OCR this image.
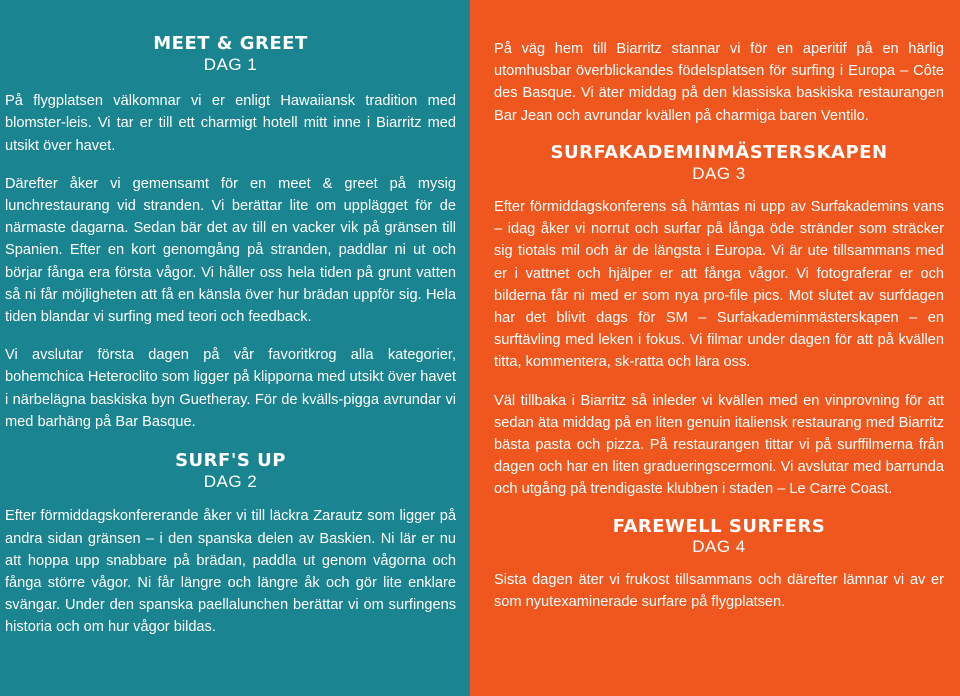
MEET & GREET
DAG 1

På flygplatsen välkomnar vi er enligt Hawaiiansk tradition med blomster-leis. Vi tar er till ett charmigt hotell mitt inne i Biarritz med utsikt över havet.

Därefter åker vi gemensamt för en meet & greet på mysig lunchrestaurang vid stranden. Vi berättar lite om upplägget för de närmaste dagarna. Sedan bär det av till en vacker vik på gränsen till Spanien. Efter en kort genomgång på stranden, paddlar ni ut och börjar fånga era första vågor. Vi håller oss hela tiden på grunt vatten så ni får möjligheten att få en känsla över hur brädan uppför sig. Hela tiden blandar vi surfing med teori och feedback.

Vi avslutar första dagen på vår favoritkrog alla kategorier, bohemchica Heteroclito som ligger på klipporna med utsikt över havet i närbelägna baskiska byn Guetheray. För de kvälls-pigga avrundar vi med barhäng på Bar Basque.

SURF'S UP
DAG 2

Efter förmiddagskonfererande åker vi till läckra Zarautz som ligger på andra sidan gränsen – i den spanska delen av Baskien. Ni lär er nu att hoppa upp snabbare på brädan, paddla ut genom vågorna och fånga större vågor. Ni får längre och längre åk och gör lite enklare svängar. Under den spanska paellalunchen berättar vi om surfingens historia och om hur vågor bildas.

På väg hem till Biarritz stannar vi för en aperitif på en härlig utomhusbar överblickandes födelsplatsen för surfing i Europa – Côte des Basque. Vi äter middag på den klassiska baskiska restaurangen Bar Jean och avrundar kvällen på charmiga baren Ventilo.

SURFAKADEMINMÄSTERSKAPEN
DAG 3

Efter förmiddagskonferens så hämtas ni upp av Surfakademins vans – idag åker vi norrut och surfar på långa öde stränder som sträcker sig tiotals mil och är de längsta i Europa. Vi är ute tillsammans med er i vattnet och hjälper er att fånga vågor. Vi fotograferar er och bilderna får ni med er som nya pro-file pics. Mot slutet av surfdagen har det blivit dags för SM – Surfakademinmästerskapen – en surftävling med leken i fokus. Vi filmar under dagen för att på kvällen titta, kommentera, sk-ratta och lära oss.

Väl tillbaka i Biarritz så inleder vi kvällen med en vinprovning för att sedan äta middag på en liten genuin italiensk restaurang med Biarritz bästa pasta och pizza. På restaurangen tittar vi på surffilmerna från dagen och har en liten gradueringscermoni. Vi avslutar med barrunda och utgång på trendigaste klubben i staden – Le Carre Coast.

FAREWELL SURFERS
DAG 4

Sista dagen äter vi frukost tillsammans och därefter lämnar vi av er som nyutexaminerade surfare på flygplatsen.
